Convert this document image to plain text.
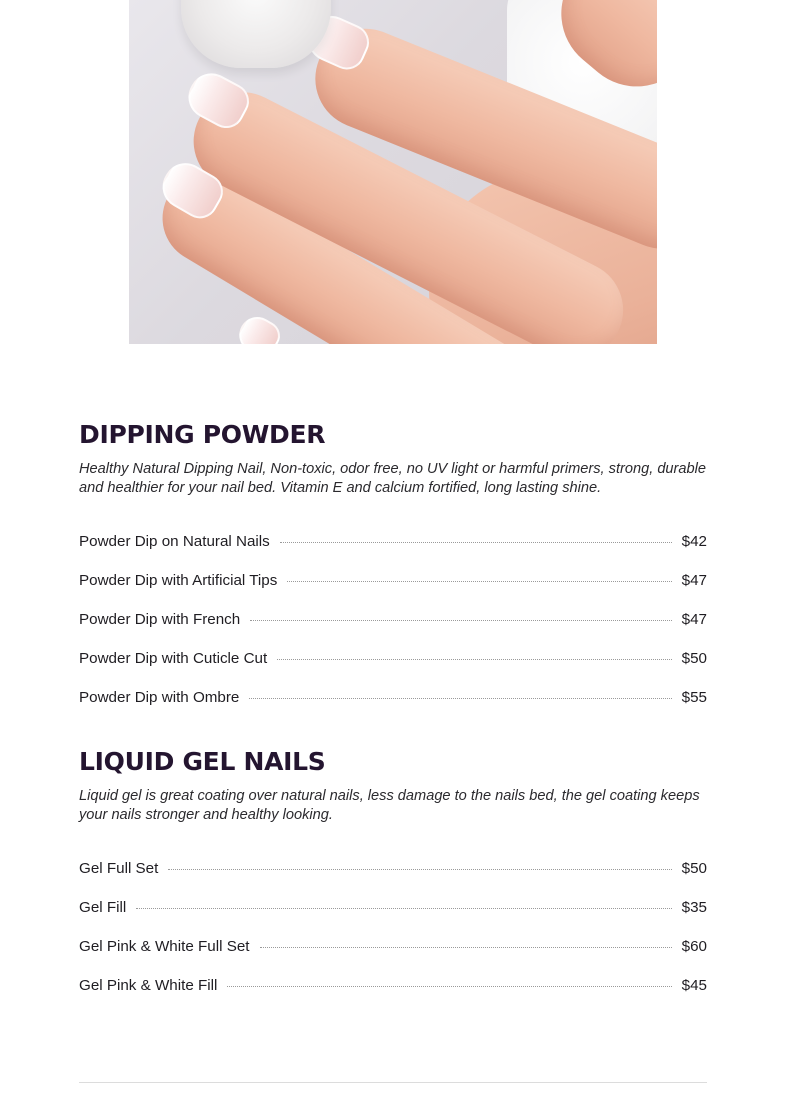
DIPPING POWDER

Healthy Natural Dipping Nail, Non-toxic, odor free, no UV light or harmful primers, strong, durable and healthier for your nail bed. Vitamin E and calcium fortified, long lasting shine.

Powder Dip on Natural Nails	$42
Powder Dip with Artificial Tips	$47
Powder Dip with French	$47
Powder Dip with Cuticle Cut	$50
Powder Dip with Ombre	$55
LIQUID GEL NAILS

Liquid gel is great coating over natural nails, less damage to the nails bed, the gel coating keeps your nails stronger and healthy looking.

Gel Full Set	$50
Gel Fill	$35
Gel Pink & White Full Set	$60
Gel Pink & White Fill	$45
